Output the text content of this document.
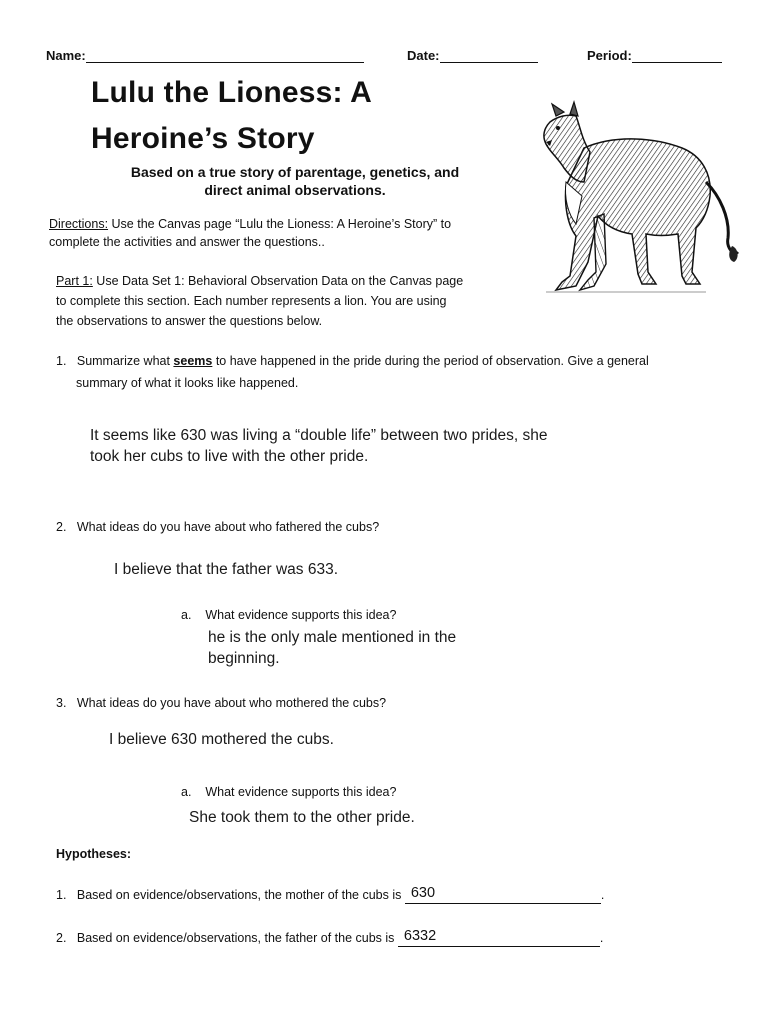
Name:	Date:	Period:
Lulu the Lioness: A
Heroine’s Story
Based on a true story of parentage, genetics, and
direct animal observations.
Directions: Use the Canvas page “Lulu the Lioness: A Heroine’s Story” to
complete the activities and answer the questions..
Part 1: Use Data Set 1: Behavioral Observation Data on the Canvas page
to complete this section. Each number represents a lion. You are using
the observations to answer the questions below.
1. Summarize what seems to have happened in the pride during the period of observation. Give a general
summary of what it looks like happened.
It seems like 630 was living a “double life” between two prides, she
took her cubs to live with the other pride.
2. What ideas do you have about who fathered the cubs?
I believe that the father was 633.
a. What evidence supports this idea?
he is the only male mentioned in the
beginning.
3. What ideas do you have about who mothered the cubs?
I believe 630 mothered the cubs.
a. What evidence supports this idea?
She took them to the other pride.
Hypotheses:
1. Based on evidence/observations, the mother of the cubs is 630	.
2. Based on evidence/observations, the father of the cubs is 6332	.
